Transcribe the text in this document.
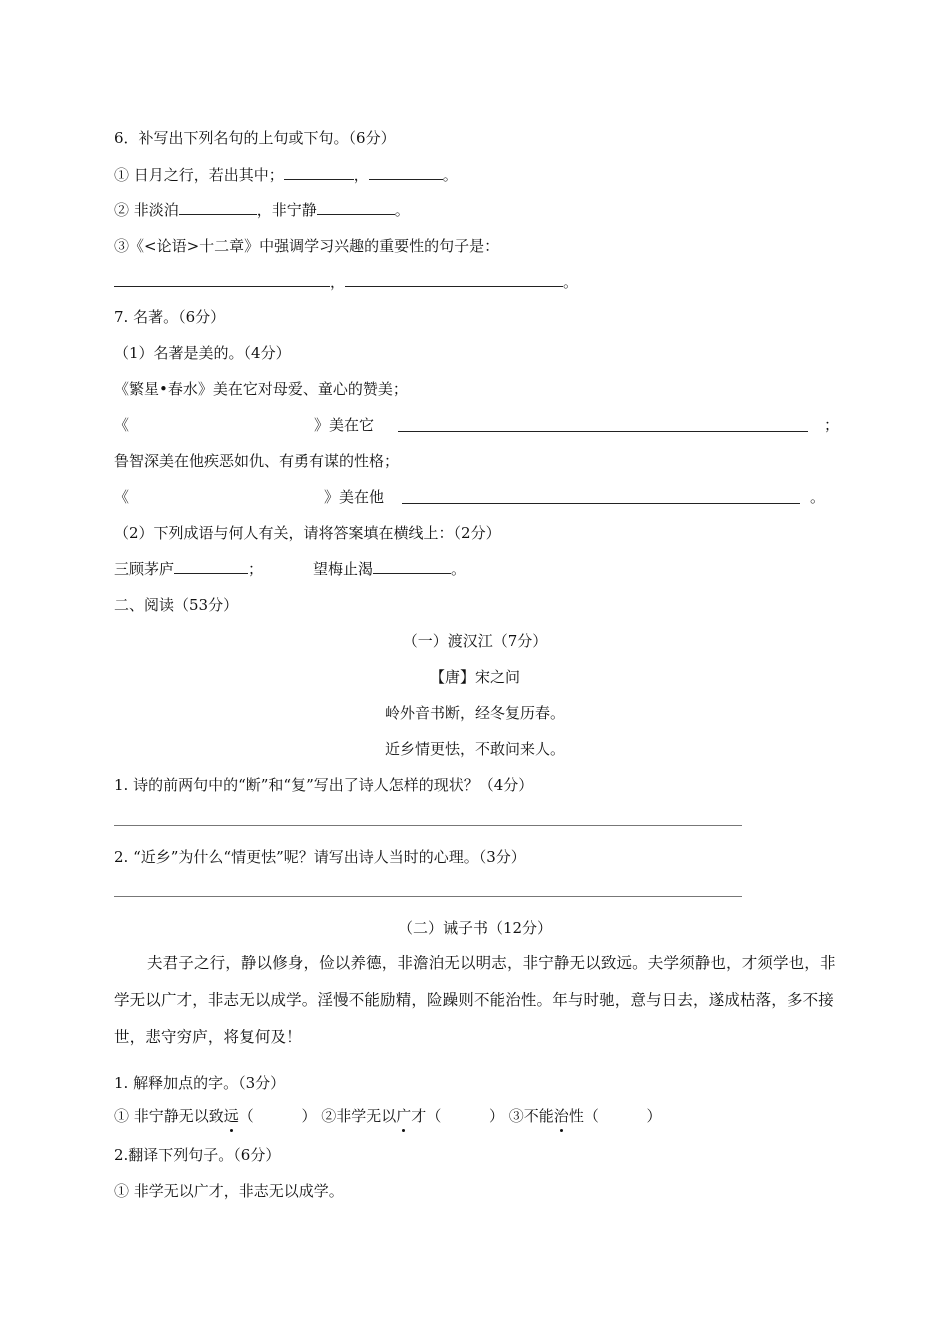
6．补写出下列名句的上句或下句。（6分）
① 日月之行，若出其中；	，	。
② 非淡泊	，非宁静	。
③《<论语>十二章》中强调学习兴趣的重要性的句子是：
，	。
7. 名著。（6分）
（1）名著是美的。（4分）
《繁星•春水》美在它对母爱、童心的赞美；
《	》美在它	；
鲁智深美在他疾恶如仇、有勇有谋的性格；
《	》美在他	。
（2）下列成语与何人有关，请将答案填在横线上：（2分）
三顾茅庐	；	望梅止渴	。
二、阅读（53分）
（一）渡汉江（7分）
【唐】宋之问
岭外音书断，经冬复历春。
近乡情更怯，不敢问来人。
1. 诗的前两句中的“断”和“复”写出了诗人怎样的现状？（4分）
2. “近乡”为什么“情更怯”呢？请写出诗人当时的心理。（3分）
（二）诫子书（12分）
夫君子之行，静以修身，俭以养德，非澹泊无以明志，非宁静无以致远。夫学须静也，才须学也，非学无以广才，非志无以成学。淫慢不能励精，险躁则不能治性。年与时驰，意与日去，遂成枯落，多不接世，悲守穷庐，将复何及！
1. 解释加点的字。（3分）
① 非宁静无以致远（          ） ②非学无以广才（          ） ③不能治性（          ）
2.翻译下列句子。（6分）
① 非学无以广才，非志无以成学。
